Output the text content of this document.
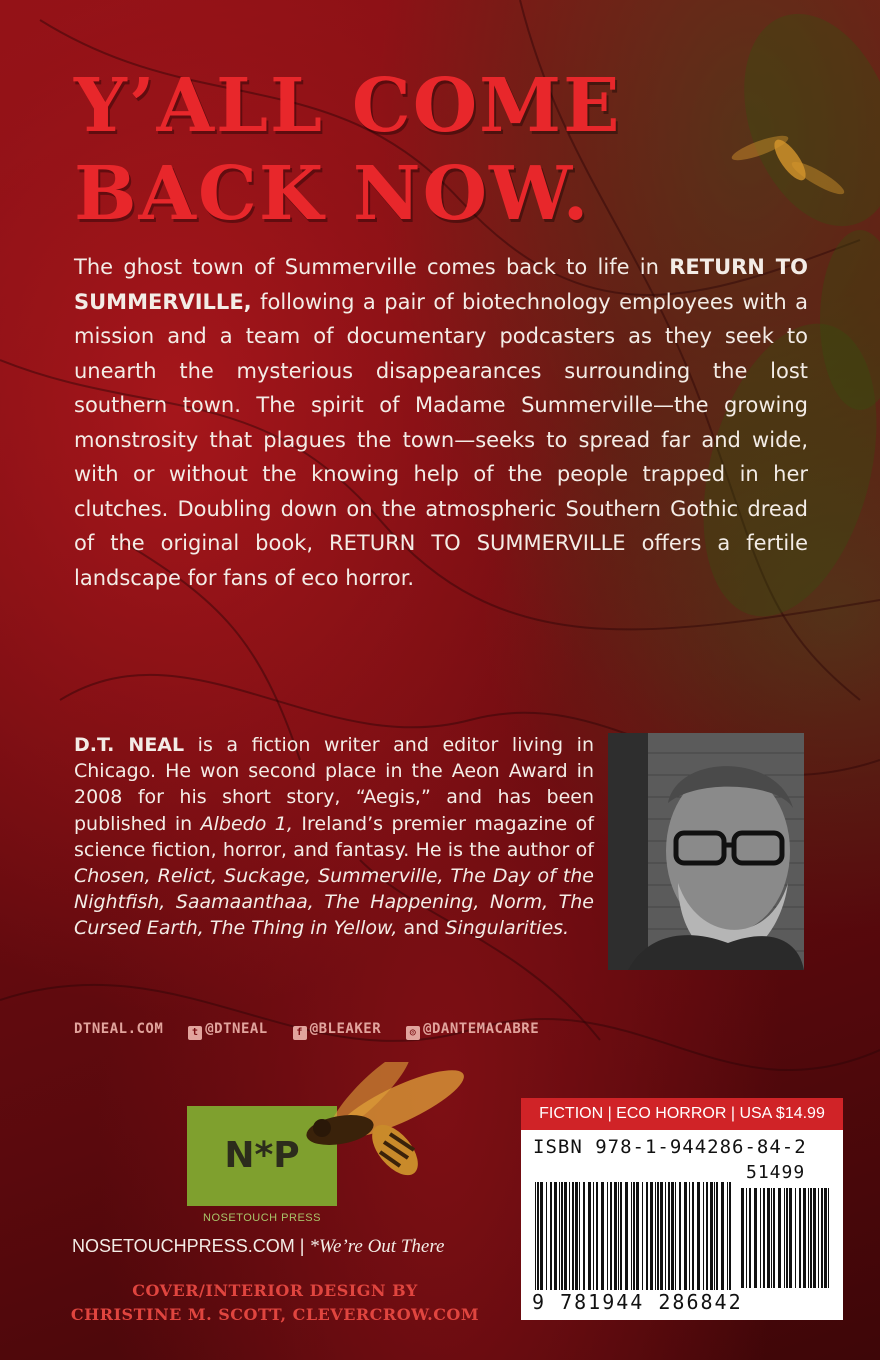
Y’ALL COME
BACK NOW.
The ghost town of Summerville comes back to life in RETURN TO SUMMERVILLE, following a pair of biotechnology employees with a mission and a team of documentary podcasters as they seek to unearth the mysterious disappearances surrounding the lost southern town. The spirit of Madame Summerville—the growing monstrosity that plagues the town—seeks to spread far and wide, with or without the knowing help of the people trapped in her clutches. Doubling down on the atmospheric Southern Gothic dread of the original book, RETURN TO SUMMERVILLE offers a fertile landscape for fans of eco horror.
D.T. NEAL is a fiction writer and editor living in Chicago. He won second place in the Aeon Award in 2008 for his short story, “Aegis,” and has been published in Albedo 1, Ireland’s premier magazine of science fiction, horror, and fantasy. He is the author of Chosen, Relict, Suckage, Summerville, The Day of the Nightfish, Saamaanthaa, The Happening, Norm, The Cursed Earth, The Thing in Yellow, and Singularities.
DTNEAL.COM	t @DTNEAL	f @BLEAKER	◎ @DANTEMACABRE
N*P
NOSETOUCH PRESS
NOSETOUCHPRESS.COM | *We’re Out There
COVER/INTERIOR DESIGN BY
CHRISTINE M. SCOTT, CLEVERCROW.COM
FICTION | ECO HORROR | USA $14.99
ISBN 978-1-944286-84-2
51499
9 781944 286842
